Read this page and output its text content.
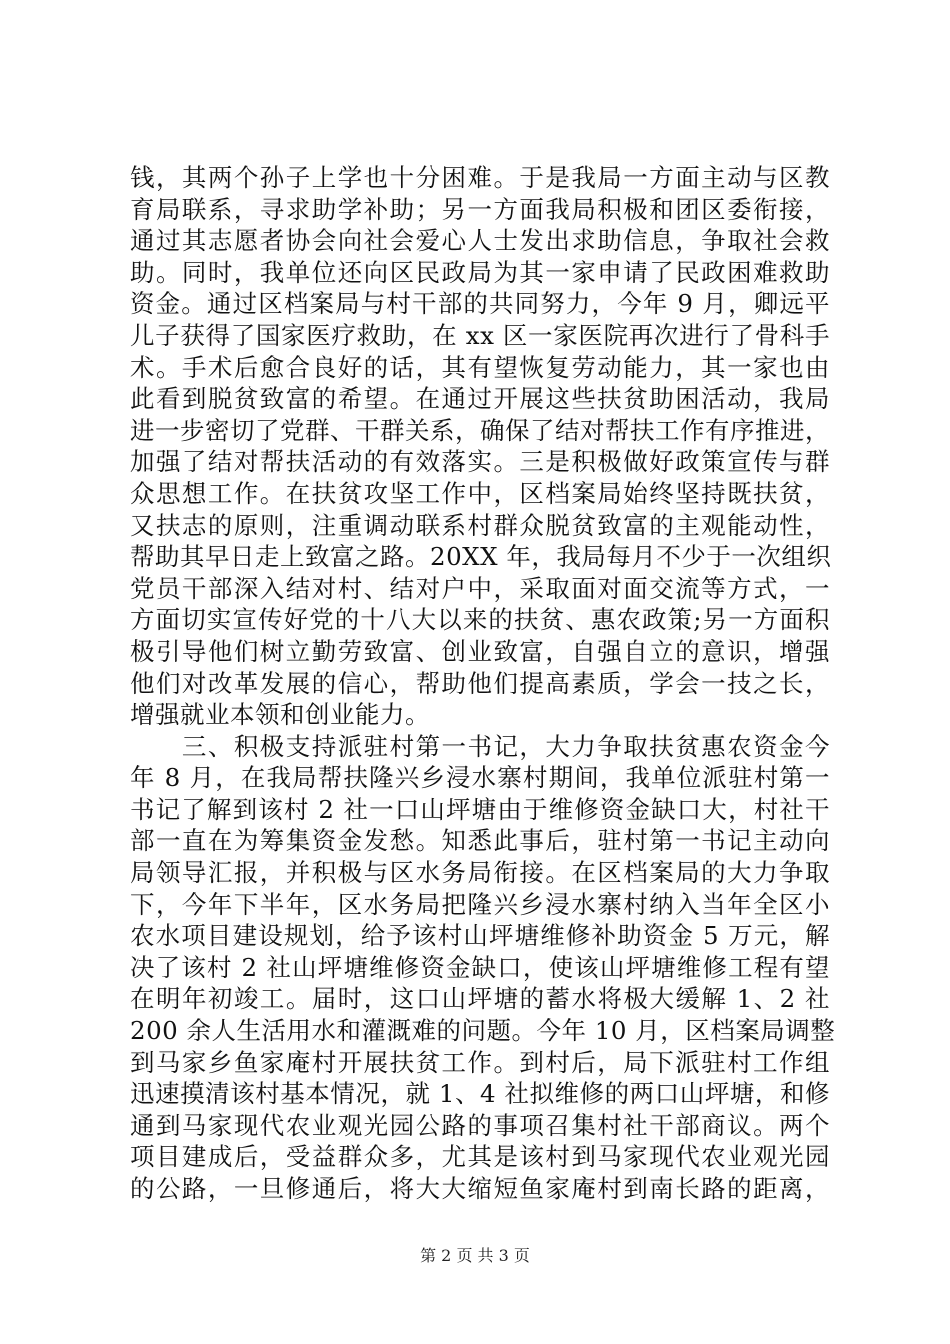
钱，其两个孙子上学也十分困难。于是我局一方面主动与区教
育局联系，寻求助学补助；另一方面我局积极和团区委衔接，
通过其志愿者协会向社会爱心人士发出求助信息，争取社会救
助。同时，我单位还向区民政局为其一家申请了民政困难救助
资金。通过区档案局与村干部的共同努力，今年 9 月，卿远平
儿子获得了国家医疗救助，在 xx 区一家医院再次进行了骨科手
术。手术后愈合良好的话，其有望恢复劳动能力，其一家也由
此看到脱贫致富的希望。在通过开展这些扶贫助困活动，我局
进一步密切了党群、干群关系，确保了结对帮扶工作有序推进，
加强了结对帮扶活动的有效落实。三是积极做好政策宣传与群
众思想工作。在扶贫攻坚工作中，区档案局始终坚持既扶贫，
又扶志的原则，注重调动联系村群众脱贫致富的主观能动性，
帮助其早日走上致富之路。20XX 年，我局每月不少于一次组织
党员干部深入结对村、结对户中，采取面对面交流等方式，一
方面切实宣传好党的十八大以来的扶贫、惠农政策;另一方面积
极引导他们树立勤劳致富、创业致富，自强自立的意识，增强
他们对改革发展的信心，帮助他们提高素质，学会一技之长，
增强就业本领和创业能力。
　　三、积极支持派驻村第一书记，大力争取扶贫惠农资金今
年 8 月，在我局帮扶隆兴乡浸水寨村期间，我单位派驻村第一
书记了解到该村 2 社一口山坪塘由于维修资金缺口大，村社干
部一直在为筹集资金发愁。知悉此事后，驻村第一书记主动向
局领导汇报，并积极与区水务局衔接。在区档案局的大力争取
下，今年下半年，区水务局把隆兴乡浸水寨村纳入当年全区小
农水项目建设规划，给予该村山坪塘维修补助资金 5 万元，解
决了该村 2 社山坪塘维修资金缺口，使该山坪塘维修工程有望
在明年初竣工。届时，这口山坪塘的蓄水将极大缓解 1、2 社
200 余人生活用水和灌溉难的问题。今年 10 月，区档案局调整
到马家乡鱼家庵村开展扶贫工作。到村后，局下派驻村工作组
迅速摸清该村基本情况，就 1、4 社拟维修的两口山坪塘，和修
通到马家现代农业观光园公路的事项召集村社干部商议。两个
项目建成后，受益群众多，尤其是该村到马家现代农业观光园
的公路，一旦修通后，将大大缩短鱼家庵村到南长路的距离，
第 2 页 共 3 页
